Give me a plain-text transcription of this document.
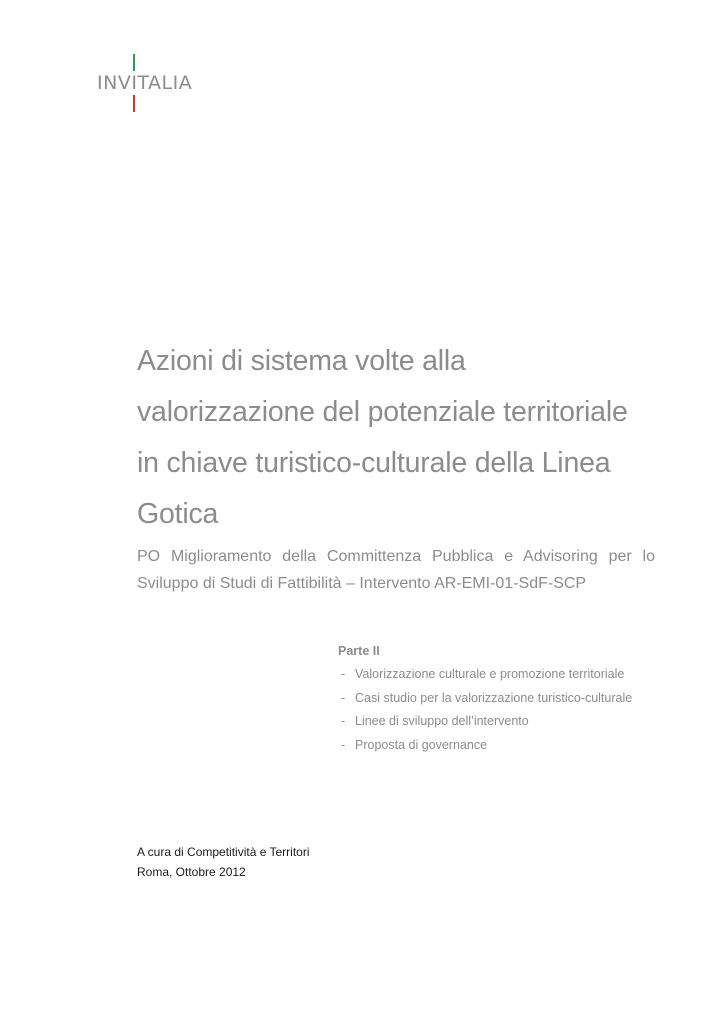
INVITALIA
Azioni di sistema volte alla
valorizzazione del potenziale territoriale
in chiave turistico-culturale della Linea
Gotica

PO Miglioramento della Committenza Pubblica e Advisoring per lo Sviluppo di Studi di Fattibilità – Intervento AR-EMI-01-SdF-SCP

Parte II
- Valorizzazione culturale e promozione territoriale
- Casi studio per la valorizzazione turistico-culturale
- Linee di sviluppo dell’intervento
- Proposta di governance
A cura di Competitività e Territori
Roma, Ottobre 2012
